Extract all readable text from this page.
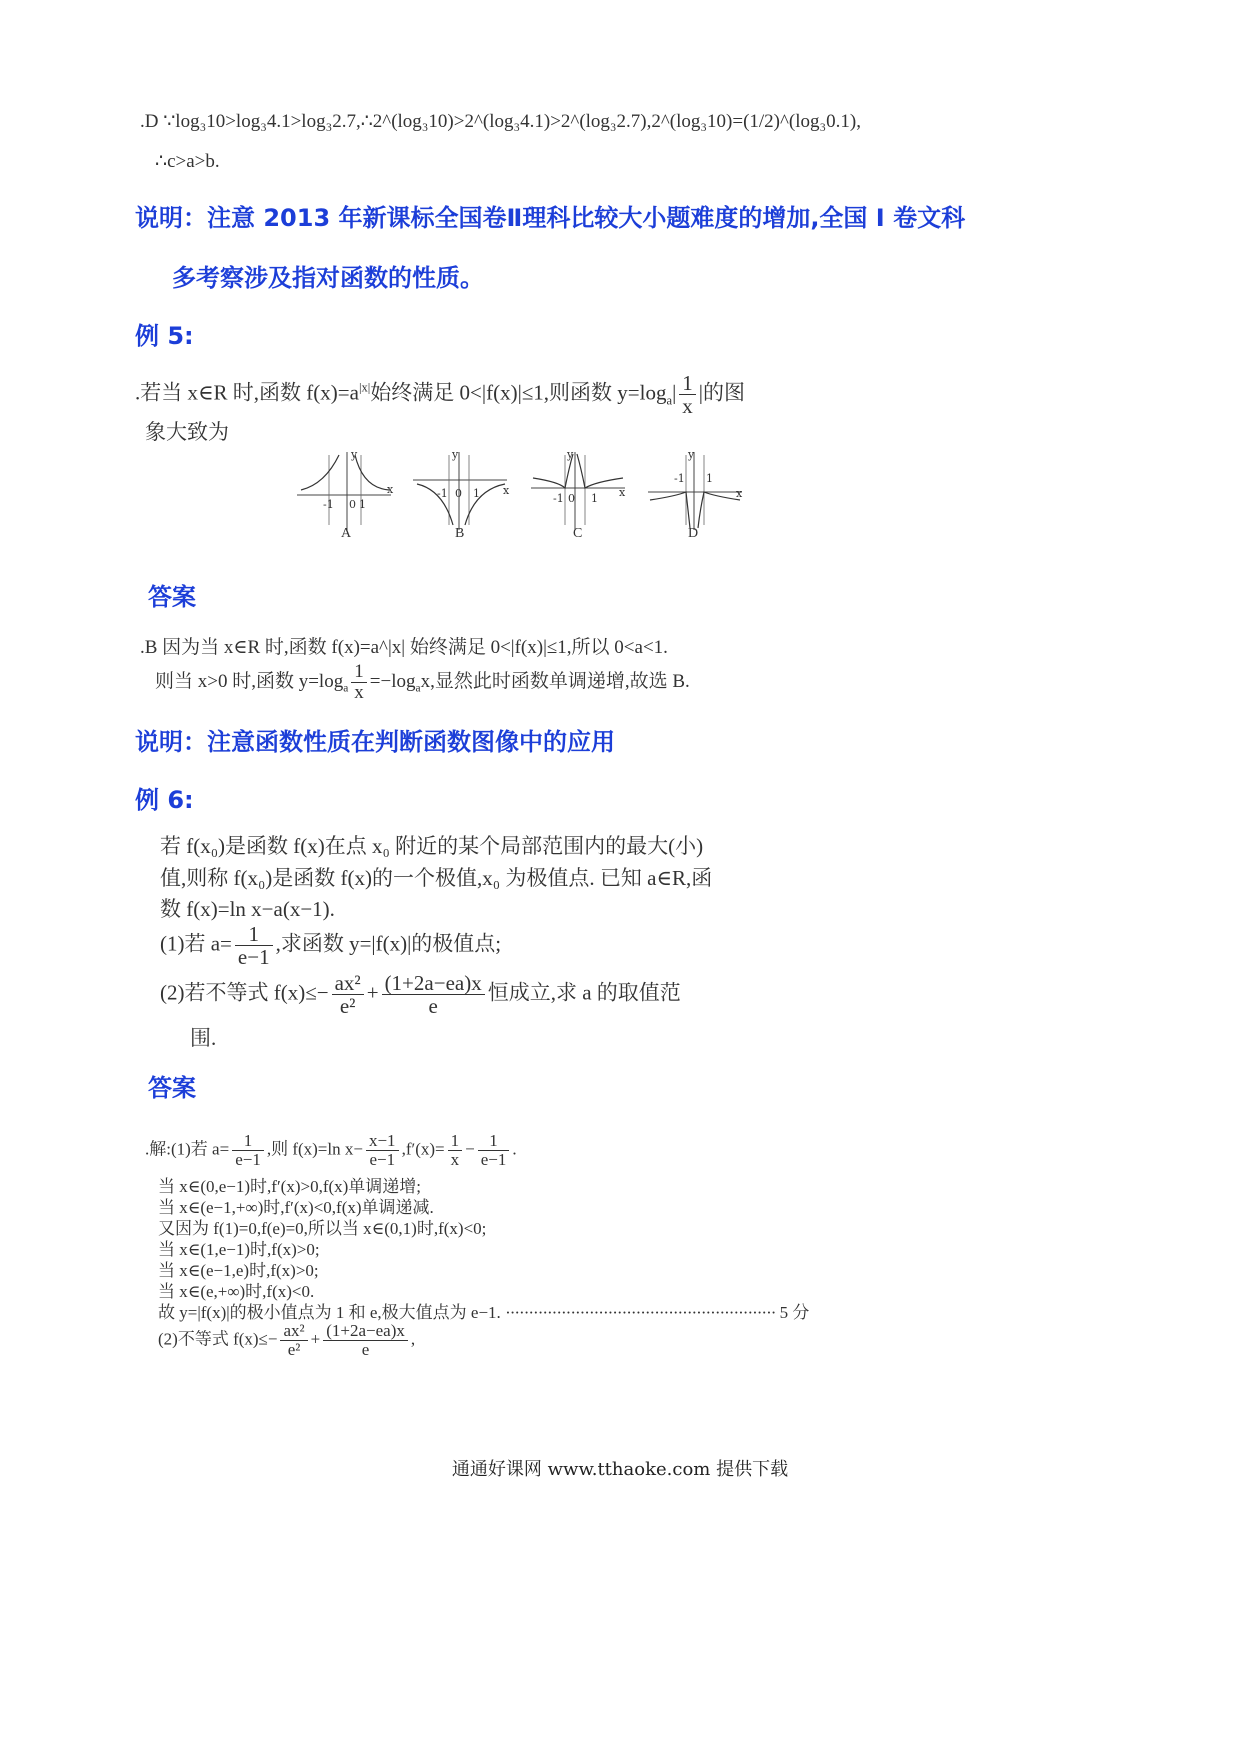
.D ∵log₃10>log₃4.1>log₃2.7,∴2^(log₃10)>2^(log₃4.1)>2^(log₃2.7),2^(log₃10)=(1/2)^(log₃0.1),
∴c>a>b.
说明：注意 2013 年新课标全国卷Ⅱ理科比较大小题难度的增加,全国 I 卷文科
多考察涉及指对函数的性质。
例 5:
.若当 x∈R 时,函数 $f(x)=a^{|x|}$始终满足 0<|f(x)|≤1,则函数 $y=\log_a| \frac{1}{x}$ |的图
象大致为
y
x
-1 0 1
A
y
x
-1 0 1
B
y
x
-1 0 1
C
y
x
-1 1
D
答案
.B 因为当 x∈R 时,函数 f(x)=a^|x| 始终满足 0<|f(x)|≤1,所以 0<a<1.
则当 x>0 时,函数 $y=\log_a \frac{1}{x} =-\log_ax$,显然此时函数单调递增,故选 B.
说明：注意函数性质在判断函数图像中的应用
例 6:
若 f(x₀)是函数 f(x)在点 x₀ 附近的某个局部范围内的最大(小)
值,则称 f(x₀)是函数 f(x)的一个极值,x₀ 为极值点. 已知 a∈R,函
数 f(x)=ln x−a(x−1).
(1)若 $a= \frac{1}{e-1}$ ,求函数 y=|f(x)|的极值点;
(2)若不等式 $f(x)\le- \frac{\text{ax²}}{\text{e²}} + \frac{(1+2a-ea)x}{e}$ 恒成立,求 a 的取值范
围.
答案
.解:(1)若 $a= \frac{1}{e-1}$ ,则 f(x)=ln $x- \frac{x-1}{e-1} ,f'(x)= \frac{1}{x} - \frac{1}{e-1}$ .
当 x∈(0,e−1)时,f′(x)>0,f(x)单调递增;
当 x∈(e−1,+∞)时,f′(x)<0,f(x)单调递减.
又因为 f(1)=0,f(e)=0,所以当 x∈(0,1)时,f(x)<0;
当 x∈(1,e−1)时,f(x)>0;
当 x∈(e−1,e)时,f(x)>0;
当 x∈(e,+∞)时,f(x)<0.
故 y=|f(x)|的极小值点为 1 和 e,极大值点为 e−1. ·························································· 5 分
(2)不等式 $f(x)\le- \frac{\text{ax²}}{\text{e²}} + \frac{(1+2a-ea)x}{e}$ ,
通通好课网 www.tthaoke.com 提供下载
